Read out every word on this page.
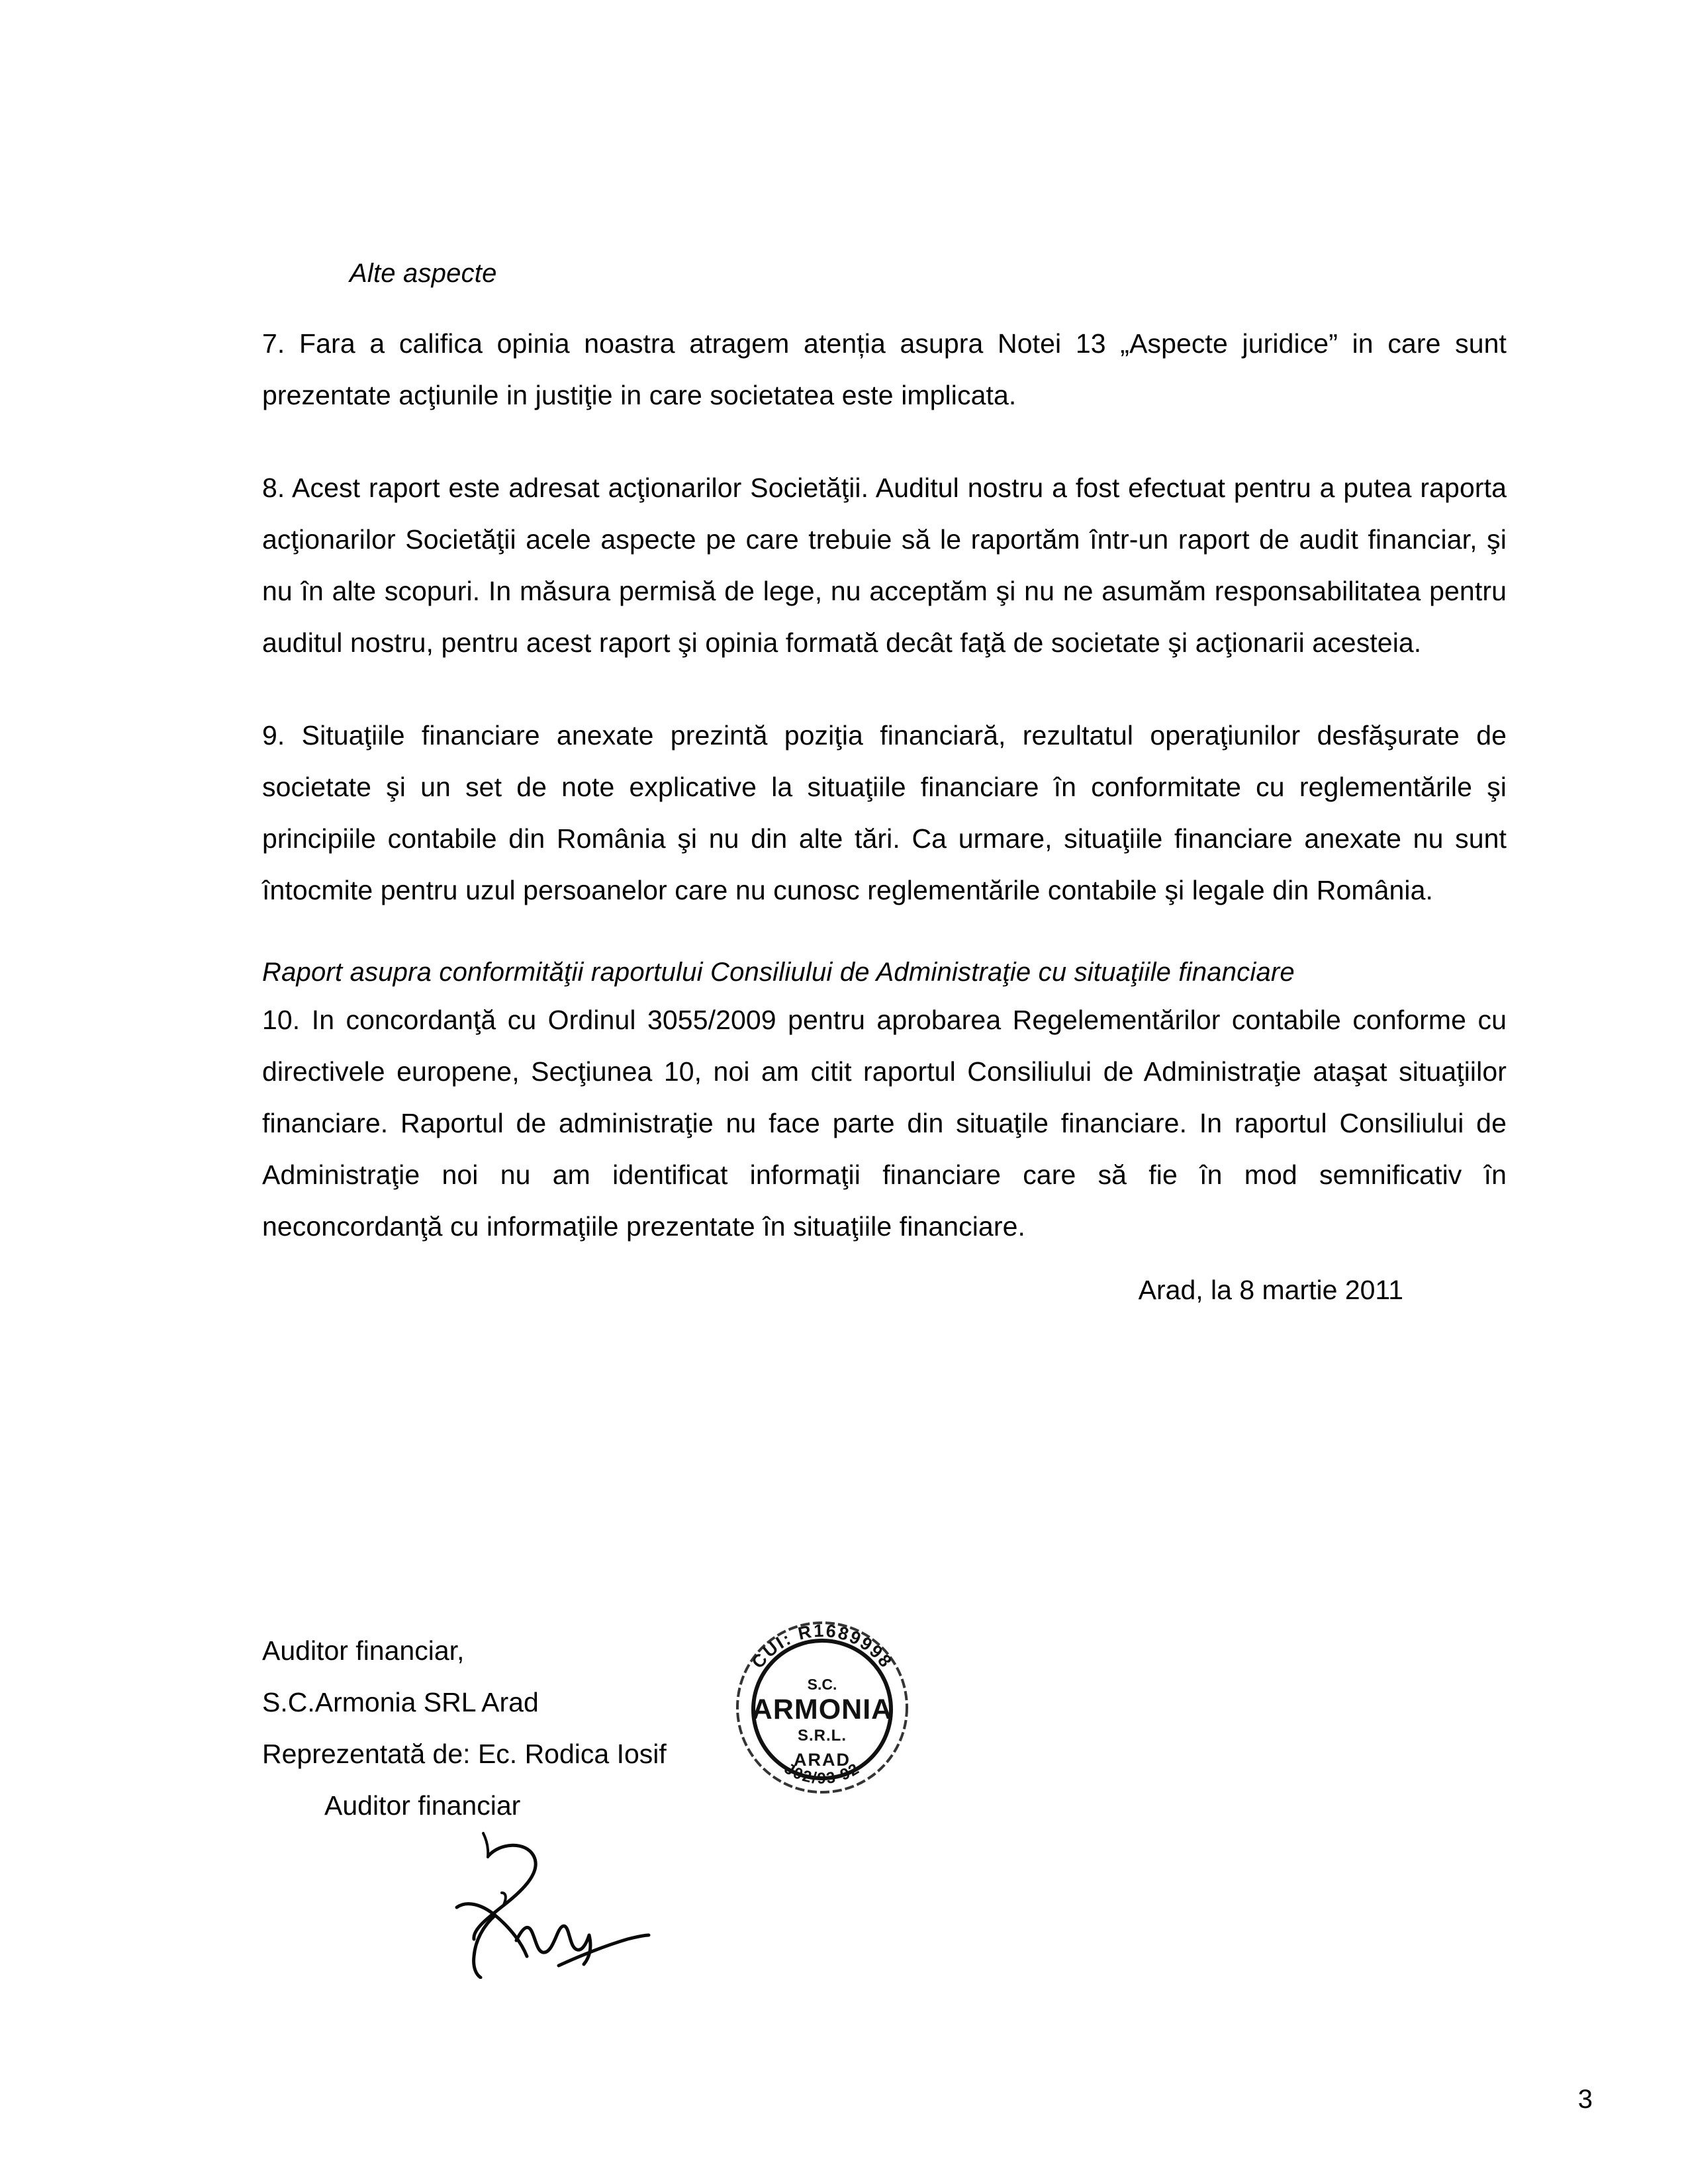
Alte aspecte

7. Fara a califica opinia noastra atragem atenția asupra Notei 13 „Aspecte juridice” in care sunt prezentate acţiunile in justiţie in care societatea este implicata.

8. Acest raport este adresat acţionarilor Societăţii. Auditul nostru a fost efectuat pentru a putea raporta acţionarilor Societăţii acele aspecte pe care trebuie să le raportăm într-un raport de audit financiar, şi nu în alte scopuri. In măsura permisă de lege, nu acceptăm şi nu ne asumăm responsabilitatea pentru auditul nostru, pentru acest raport şi opinia formată decât faţă de societate şi acţionarii acesteia.

9. Situaţiile financiare anexate prezintă poziţia financiară, rezultatul operaţiunilor desfăşurate de societate şi un set de note explicative la situaţiile financiare în conformitate cu reglementările şi principiile contabile din România şi nu din alte tări. Ca urmare, situaţiile financiare anexate nu sunt întocmite pentru uzul persoanelor care nu cunosc reglementările contabile şi legale din România.

Raport asupra conformităţii raportului Consiliului de Administraţie cu situaţiile financiare

10. In concordanţă cu Ordinul 3055/2009 pentru aprobarea Regelementărilor contabile conforme cu directivele europene, Secţiunea 10, noi am citit raportul Consiliului de Administraţie ataşat situaţiilor financiare. Raportul de administraţie nu face parte din situaţile financiare. In raportul Consiliului de Administraţie noi nu am identificat informaţii financiare care să fie în mod semnificativ în neconcordanţă cu informaţiile prezentate în situaţiile financiare.

Arad, la 8 martie 2011

Auditor financiar,

S.C.Armonia SRL Arad

Reprezentată de: Ec. Rodica Iosif

Auditor financiar

CUI: R1689998
J02/93 92
S.C.
ARMONIA
S.R.L.
ARAD
3
